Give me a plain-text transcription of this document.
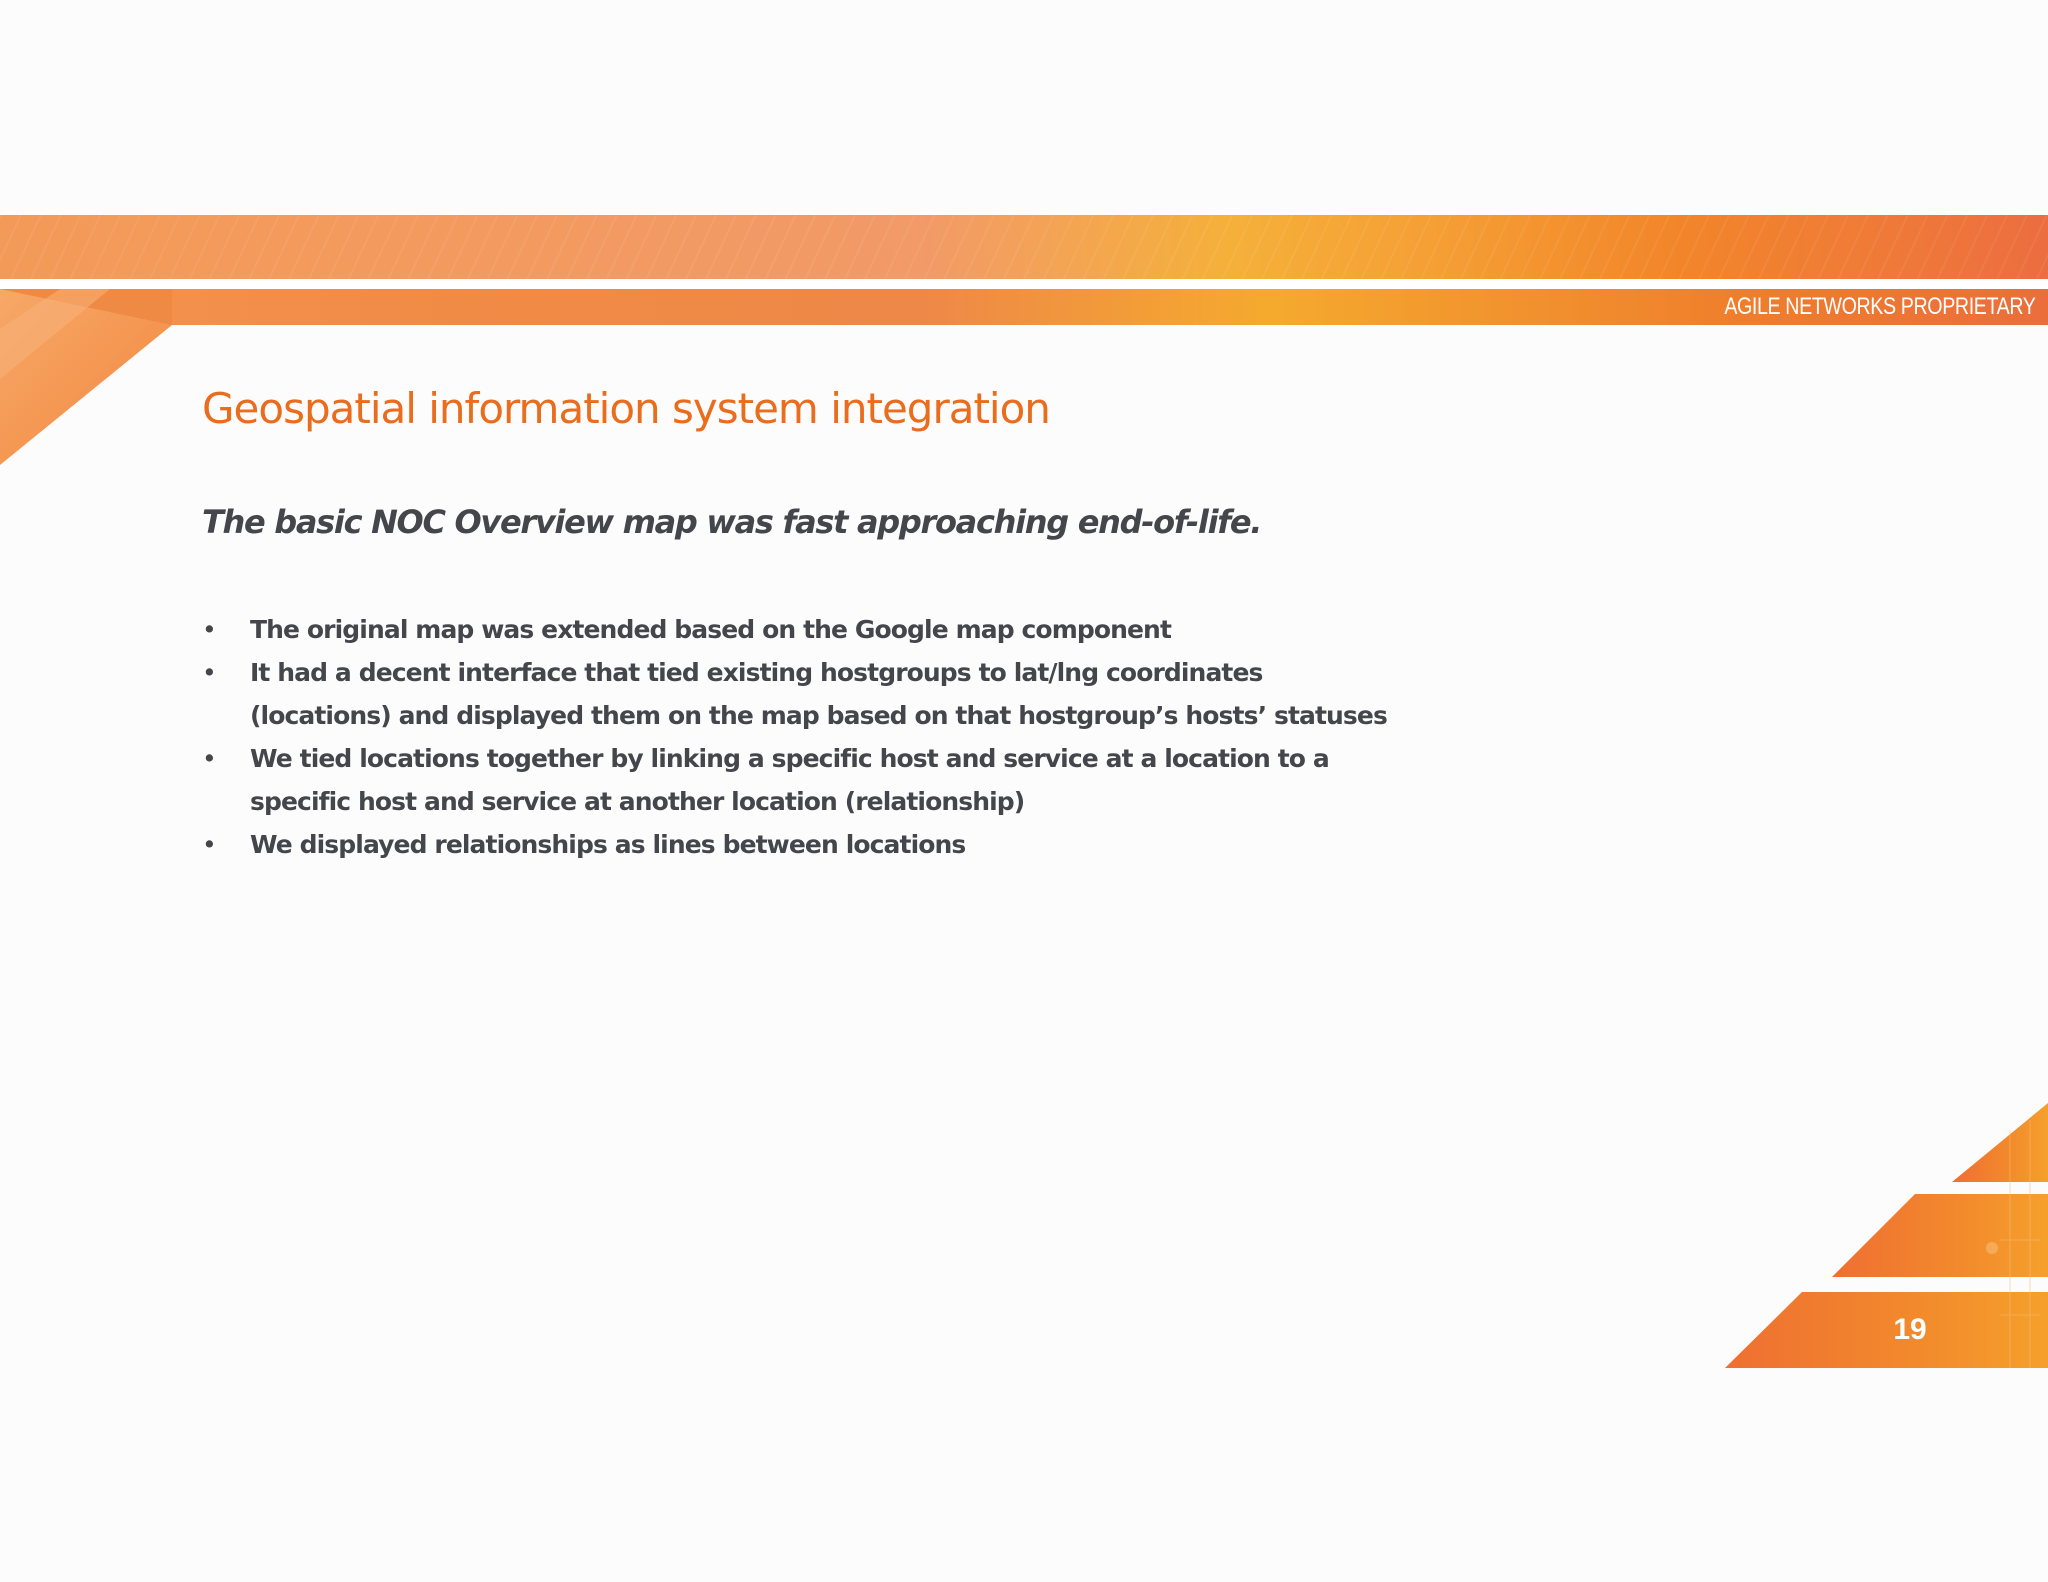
AGILE NETWORKS PROPRIETARY
Geospatial information system integration
The basic NOC Overview map was fast approaching end-of-life.
• The original map was extended based on the Google map component
• It had a decent interface that tied existing hostgroups to lat/lng coordinates
(locations) and displayed them on the map based on that hostgroup’s hosts’ statuses
• We tied locations together by linking a specific host and service at a location to a
specific host and service at another location (relationship)
• We displayed relationships as lines between locations
19
